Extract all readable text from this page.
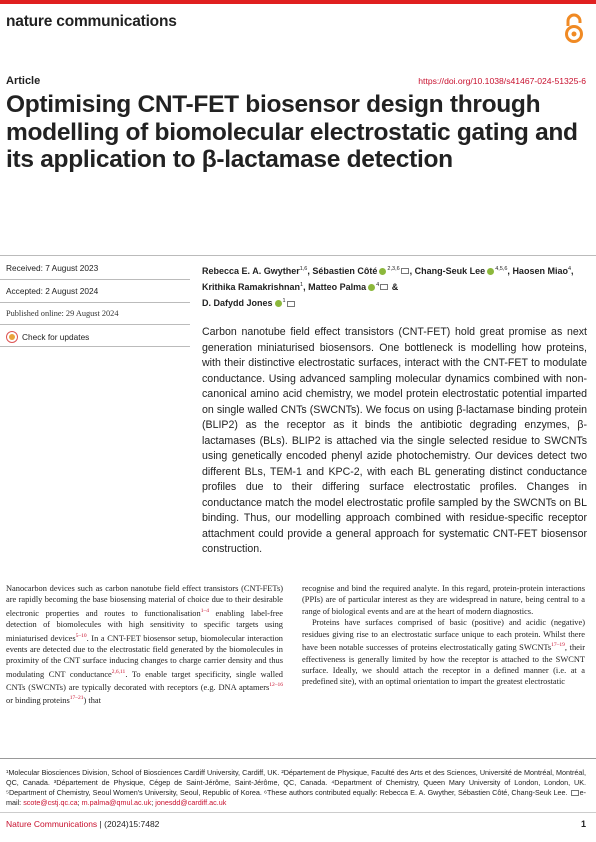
nature communications
Article	https://doi.org/10.1038/s41467-024-51325-6
Optimising CNT-FET biosensor design through modelling of biomolecular electrostatic gating and its application to β-lactamase detection
Received: 7 August 2023
Accepted: 2 August 2024
Published online: 29 August 2024
Check for updates

Rebecca E. A. Gwyther$^{1,6}$, Sébastien Côté $^{2,3,6}$ , Chang-Seuk Lee $^{4,5,6}$, Haosen Miao$^4$, Krithika Ramakrishnan$^1$, Matteo Palma $^4$ &
D. Dafydd Jones $^1$

Carbon nanotube field effect transistors (CNT-FET) hold great promise as next generation miniaturised biosensors. One bottleneck is modelling how proteins, with their distinctive electrostatic surfaces, interact with the CNT-FET to modulate conductance. Using advanced sampling molecular dynamics combined with non-canonical amino acid chemistry, we model protein electrostatic potential imparted on single walled CNTs (SWCNTs). We focus on using β-lactamase binding protein (BLIP2) as the receptor as it binds the antibiotic degrading enzymes, β-lactamases (BLs). BLIP2 is attached via the single selected residue to SWCNTs using genetically encoded phenyl azide photochemistry. Our devices detect two different BLs, TEM-1 and KPC-2, with each BL generating distinct conductance profiles due to their differing surface electrostatic profiles. Changes in conductance match the model electrostatic profile sampled by the SWCNTs on BL binding. Thus, our modelling approach combined with residue-specific receptor attachment could provide a general approach for systematic CNT-FET biosensor construction.

Nanocarbon devices such as carbon nanotube field effect transistors (CNT-FETs) are rapidly becoming the base biosensing material of choice due to their desirable electronic properties and routes to functionalisation$^{1-4}$ enabling label-free detection of biomolecules with high sensitivity to specific targets using miniaturised devices$^{5-10}$. In a CNT-FET biosensor setup, biomolecular interaction events are detected due to the electrostatic field generated by the biomolecules in proximity of the CNT surface inducing changes to charge carrier density and thus modulating CNT conductance$^{2,6,11}$. To enable target specificity, single walled CNTs (SWCNTs) are typically decorated with receptors (e.g. DNA aptamers$^{12-16}$ or binding proteins$^{17-21}$) that

recognise and bind the required analyte. In this regard, protein-protein interactions (PPIs) are of particular interest as they are widespread in nature, being central to a range of biological events and are at the heart of modern diagnostics.

Proteins have surfaces comprised of basic (positive) and acidic (negative) residues giving rise to an electrostatic surface unique to each protein. Whilst there have been notable successes of proteins electrostatically gating SWCNTs$^{17-19}$, their effectiveness is generally limited by how the receptor is attached to the SWCNT surface. Ideally, we should attach the receptor in a defined manner (i.e. at a predefined site), with an optimal orientation to impart the greatest electrostatic

¹Molecular Biosciences Division, School of Biosciences Cardiff University, Cardiff, UK. ²Département de Physique, Faculté des Arts et des Sciences, Université de Montréal, Montréal, QC, Canada. ³Département de Physique, Cégep de Saint-Jérôme, Saint-Jérôme, QC, Canada. ⁴Department of Chemistry, Queen Mary University of London, London, UK. ⁵Department of Chemistry, Seoul Women's University, Seoul, Republic of Korea. ⁶These authors contributed equally: Rebecca E. A. Gwyther, Sébastien Côté, Chang-Seuk Lee. e-mail: scote@cstj.qc.ca; m.palma@qmul.ac.uk; jonesdd@cardiff.ac.uk

Nature Communications | (2024)15:7482	1
